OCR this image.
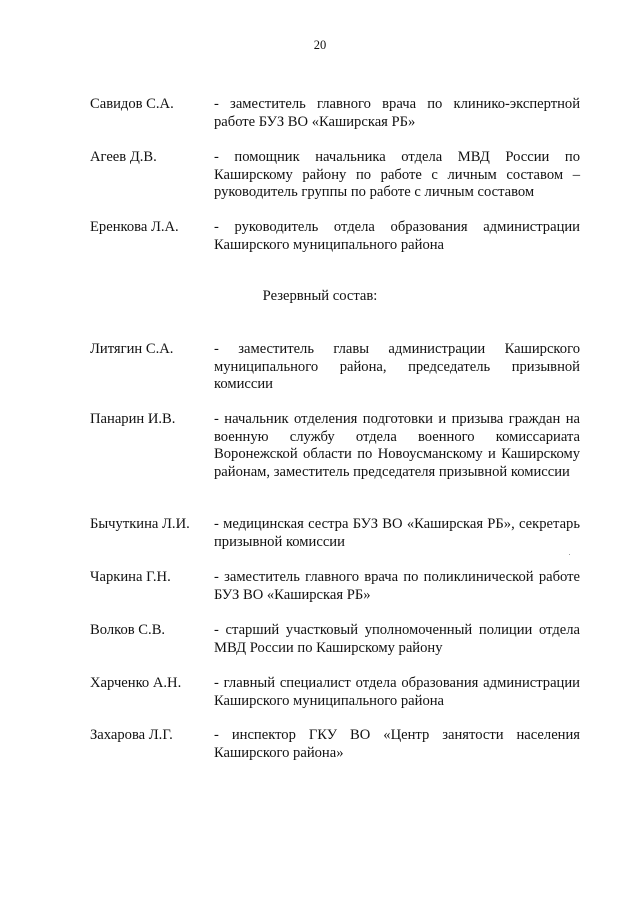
20
Савидов С.А.	- заместитель главного врача по клинико-экспертной работе БУЗ ВО «Каширская РБ»
Агеев Д.В.	- помощник начальника отдела МВД России по Каширскому району по работе с личным составом – руководитель группы по работе с личным составом
Еренкова Л.А. - руководитель отдела образования администрации Каширского муниципального района
Резервный состав:
Литягин С.А.	- заместитель главы администрации Каширского муниципального района, председатель призывной комиссии
Панарин И.В.	- начальник отделения подготовки и призыва граждан на военную службу отдела военного комиссариата Воронежской области по Новоусманскому и Каширскому районам, заместитель председателя призывной комиссии
Бычуткина Л.И. - медицинская сестра БУЗ ВО «Каширская РБ», секретарь призывной комиссии
Чаркина Г.Н.	- заместитель главного врача по поликлинической работе БУЗ ВО «Каширская РБ»
Волков С.В.	- старший участковый уполномоченный полиции отдела МВД России по Каширскому району
Харченко А.Н. - главный специалист отдела образования администрации Каширского муниципального района
Захарова Л.Г.	- инспектор ГКУ ВО «Центр занятости населения Каширского района»
